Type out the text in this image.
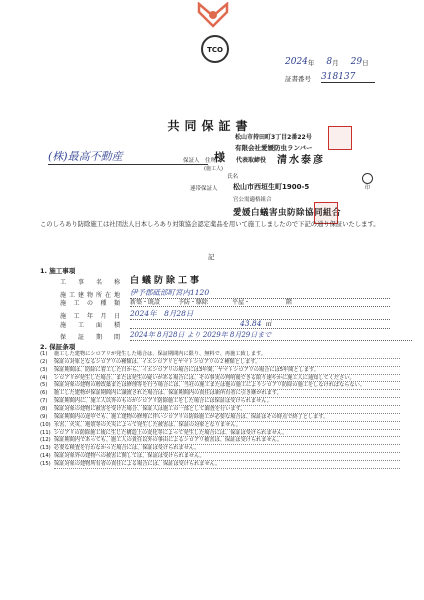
TCO
2024 年 8 月 29 日
証書番号 318137
共同保証書
(株)最高不動産	様
松山市持田町3丁目2番22号
有限会社愛媛防虫ランバー
保証人　住所
(施工人)
代表取締役 清水泰彦
氏名
印
連帯保証人 松山市西垣生町1900-5
官公需適格組合
愛媛白蟻害虫防除協同組合
このしろあり防除施工は社団法人日本しろあり対策協会認定薬品を用いて施工しましたので下記の通り保証いたします。
記
1. 施工事項
工事名称 白蟻防除工事
施工建物所在地 伊予郡砥部町宮内1120
施工の種類 新築・既設　　　予防・駆除　　　　平屋・　　　　　　階
施工年月日 2024年　8月28日
施工面積	43.84 ㎡
保証期間 2024年 8月28日 より 2029年 8月29日まで
2. 保証条項
(1)	施工した建物にシロアリが発生した場合は、保証期間内に限り、無料で、再施工致します。
(2)	保証の対象となるシロアリの種類は、イエシロアリとヤマトシロアリの２種類とします。
(3)	保証期間は、防除に着工した日から、イエシロアリの場合には3年間、ヤマトシロアリの場合には5年間とします。
(4)	シロアリが発生した場合、または発生の疑いがある場合には、その事実の判明後できる限り速やかに施工人に通知してください。
(5)	保証対象の建物の増改築または修理等を行う場合には、当社の施工または他の施工によりシロアリ防除の施工をしなければならない。
(6)	施工した建物が保証期間内に譲渡された場合は、保証期間内の責任は新所有者に引き継がれます。
(7)	保証期間内に、施工人以外のものがシロアリ防除施工をした場合には保証は受けられません。
(8)	保証対象の建物に被害を受けた場合、保証人は施工の一部として調査を行います。
(9)	保証期間内の途中でも、施工建物の修理に伴いシロアリの防除施工が必要な場合は、保証はその時点で終了とします。
(10) 水害、火災、地震等の天災によって発生した被害は、保証の対象となりません。
(11) シロアリの防除施工後に生じた構造上の変化等によって発生した場合には、保証は受けられません。
(12) 保証期間内であっても、施工人の責任以外の事由によるシロアリ被害は、保証は受けられません。
(13) 必要な検査を行わなかった場合には、保証は受けられません。
(14) 保証対象外の建物への被害に関しては、保証は受けられません。
(15) 保証対象の建物所有者の責任による場合には、保証は受けられません。
